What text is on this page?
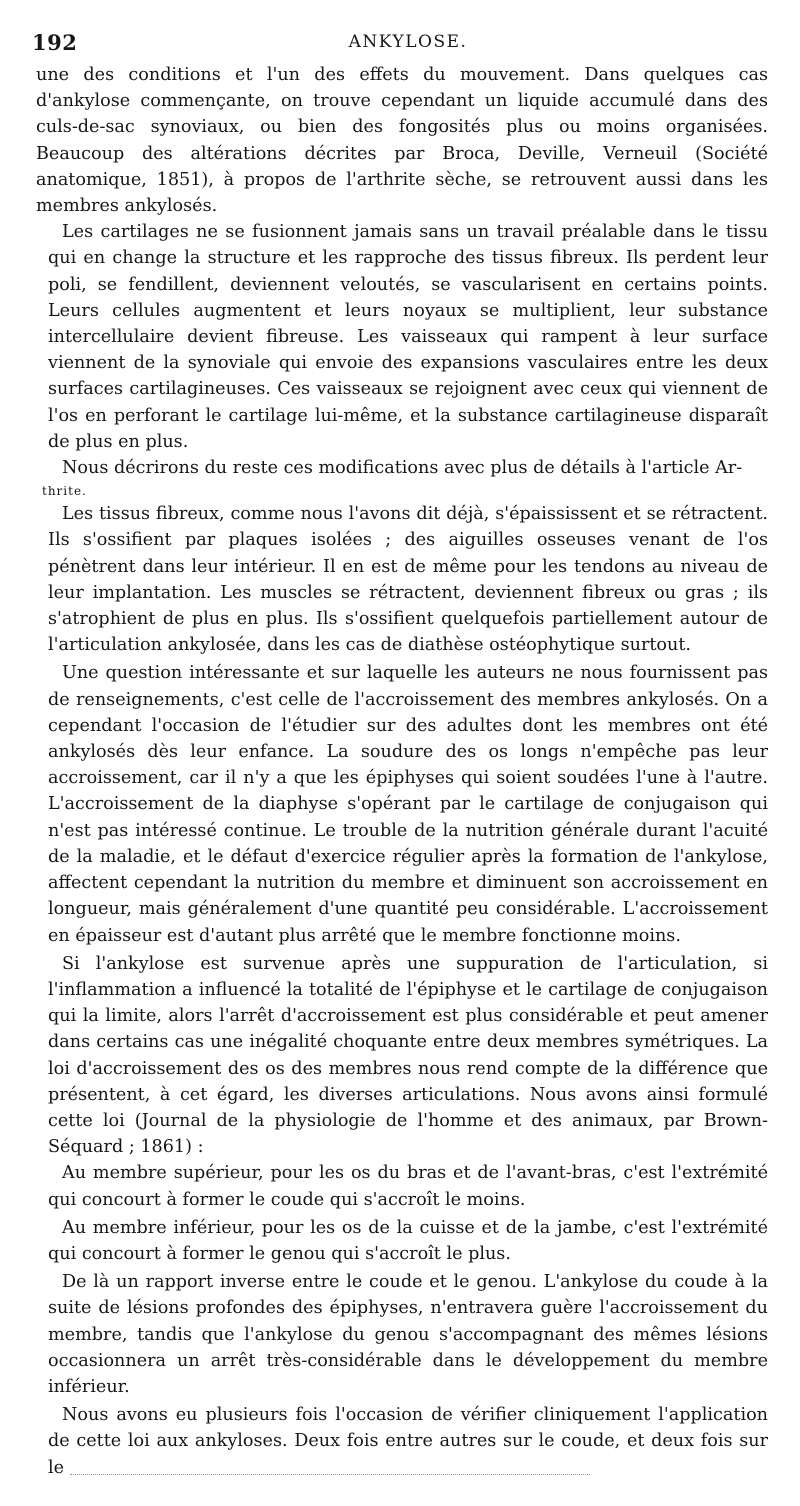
192	ANKYLOSE.

une des conditions et l'un des effets du mouvement. Dans quelques cas d'ankylose commençante, on trouve cependant un liquide accumulé dans des culs-de-sac synoviaux, ou bien des fongosités plus ou moins organisées. Beaucoup des altérations décrites par Broca, Deville, Verneuil (Société anatomique, 1851), à propos de l'arthrite sèche, se retrouvent aussi dans les membres ankylosés.

Les cartilages ne se fusionnent jamais sans un travail préalable dans le tissu qui en change la structure et les rapproche des tissus fibreux. Ils perdent leur poli, se fendillent, deviennent veloutés, se vascularisent en certains points. Leurs cellules augmentent et leurs noyaux se multiplient, leur substance intercellulaire devient fibreuse. Les vaisseaux qui rampent à leur surface viennent de la synoviale qui envoie des expansions vasculaires entre les deux surfaces cartilagineuses. Ces vaisseaux se rejoignent avec ceux qui viennent de l'os en perforant le cartilage lui-même, et la substance cartilagineuse disparaît de plus en plus.

Nous décrirons du reste ces modifications avec plus de détails à l'article Ar-

thrite.

Les tissus fibreux, comme nous l'avons dit déjà, s'épaississent et se rétractent. Ils s'ossifient par plaques isolées ; des aiguilles osseuses venant de l'os pénètrent dans leur intérieur. Il en est de même pour les tendons au niveau de leur implantation. Les muscles se rétractent, deviennent fibreux ou gras ; ils s'atrophient de plus en plus. Ils s'ossifient quelquefois partiellement autour de l'articulation ankylosée, dans les cas de diathèse ostéophytique surtout.

Une question intéressante et sur laquelle les auteurs ne nous fournissent pas de renseignements, c'est celle de l'accroissement des membres ankylosés. On a cependant l'occasion de l'étudier sur des adultes dont les membres ont été ankylosés dès leur enfance. La soudure des os longs n'empêche pas leur accroissement, car il n'y a que les épiphyses qui soient soudées l'une à l'autre. L'accroissement de la diaphyse s'opérant par le cartilage de conjugaison qui n'est pas intéressé continue. Le trouble de la nutrition générale durant l'acuité de la maladie, et le défaut d'exercice régulier après la formation de l'ankylose, affectent cependant la nutrition du membre et diminuent son accroissement en longueur, mais généralement d'une quantité peu considérable. L'accroissement en épaisseur est d'autant plus arrêté que le membre fonctionne moins.

Si l'ankylose est survenue après une suppuration de l'articulation, si l'inflammation a influencé la totalité de l'épiphyse et le cartilage de conjugaison qui la limite, alors l'arrêt d'accroissement est plus considérable et peut amener dans certains cas une inégalité choquante entre deux membres symétriques. La loi d'accroissement des os des membres nous rend compte de la différence que présentent, à cet égard, les diverses articulations. Nous avons ainsi formulé cette loi (Journal de la physiologie de l'homme et des animaux, par Brown-Séquard ; 1861) :

Au membre supérieur, pour les os du bras et de l'avant-bras, c'est l'extrémité qui concourt à former le coude qui s'accroît le moins.

Au membre inférieur, pour les os de la cuisse et de la jambe, c'est l'extrémité qui concourt à former le genou qui s'accroît le plus.

De là un rapport inverse entre le coude et le genou. L'ankylose du coude à la suite de lésions profondes des épiphyses, n'entravera guère l'accroissement du membre, tandis que l'ankylose du genou s'accompagnant des mêmes lésions occasionnera un arrêt très-considérable dans le développement du membre inférieur.

Nous avons eu plusieurs fois l'occasion de vérifier cliniquement l'application de cette loi aux ankyloses. Deux fois entre autres sur le coude, et deux fois sur le
